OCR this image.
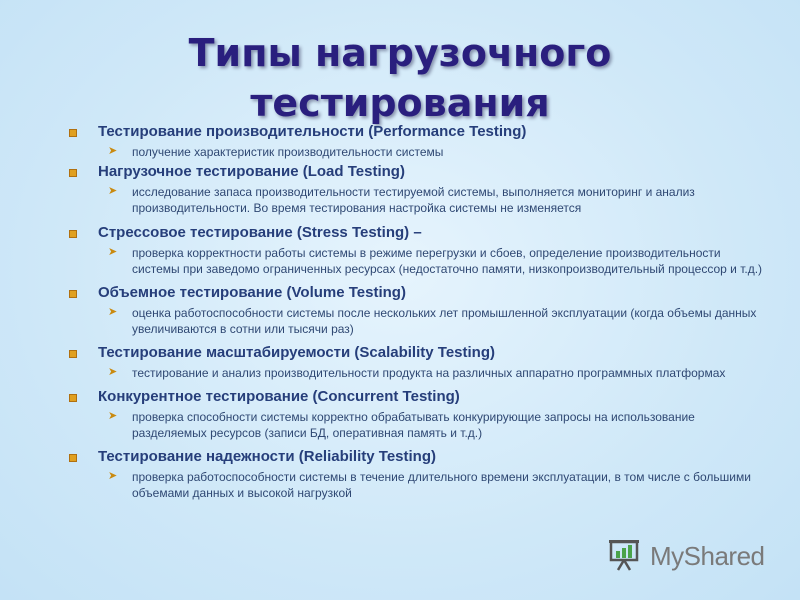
Типы нагрузочного
тестирования
Тестирование производительности (Performance Testing)
➤ получение характеристик производительности системы
Нагрузочное тестирование (Load Testing)
➤ исследование запаса производительности тестируемой системы, выполняется мониторинг и анализ производительности. Во время тестирования настройка системы не изменяется
Стрессовое тестирование (Stress Testing) –
➤ проверка корректности работы системы в режиме перегрузки и сбоев, определение производительности системы при заведомо ограниченных ресурсах (недостаточно памяти, низкопроизводительный процессор и т.д.)
Объемное тестирование (Volume Testing)
➤ оценка работоспособности системы после нескольких лет промышленной эксплуатации (когда объемы данных увеличиваются в сотни или тысячи раз)
Тестирование масштабируемости (Scalability Testing)
➤ тестирование и анализ производительности продукта на различных аппаратно программных платформах
Конкурентное тестирование (Concurrent Testing)
➤ проверка способности системы корректно обрабатывать конкурирующие запросы на использование разделяемых ресурсов (записи БД, оперативная память и т.д.)
Тестирование надежности (Reliability Testing)
➤ проверка работоспособности системы в течение длительного времени эксплуатации, в том числе с большими объемами данных и высокой нагрузкой
MyShared
